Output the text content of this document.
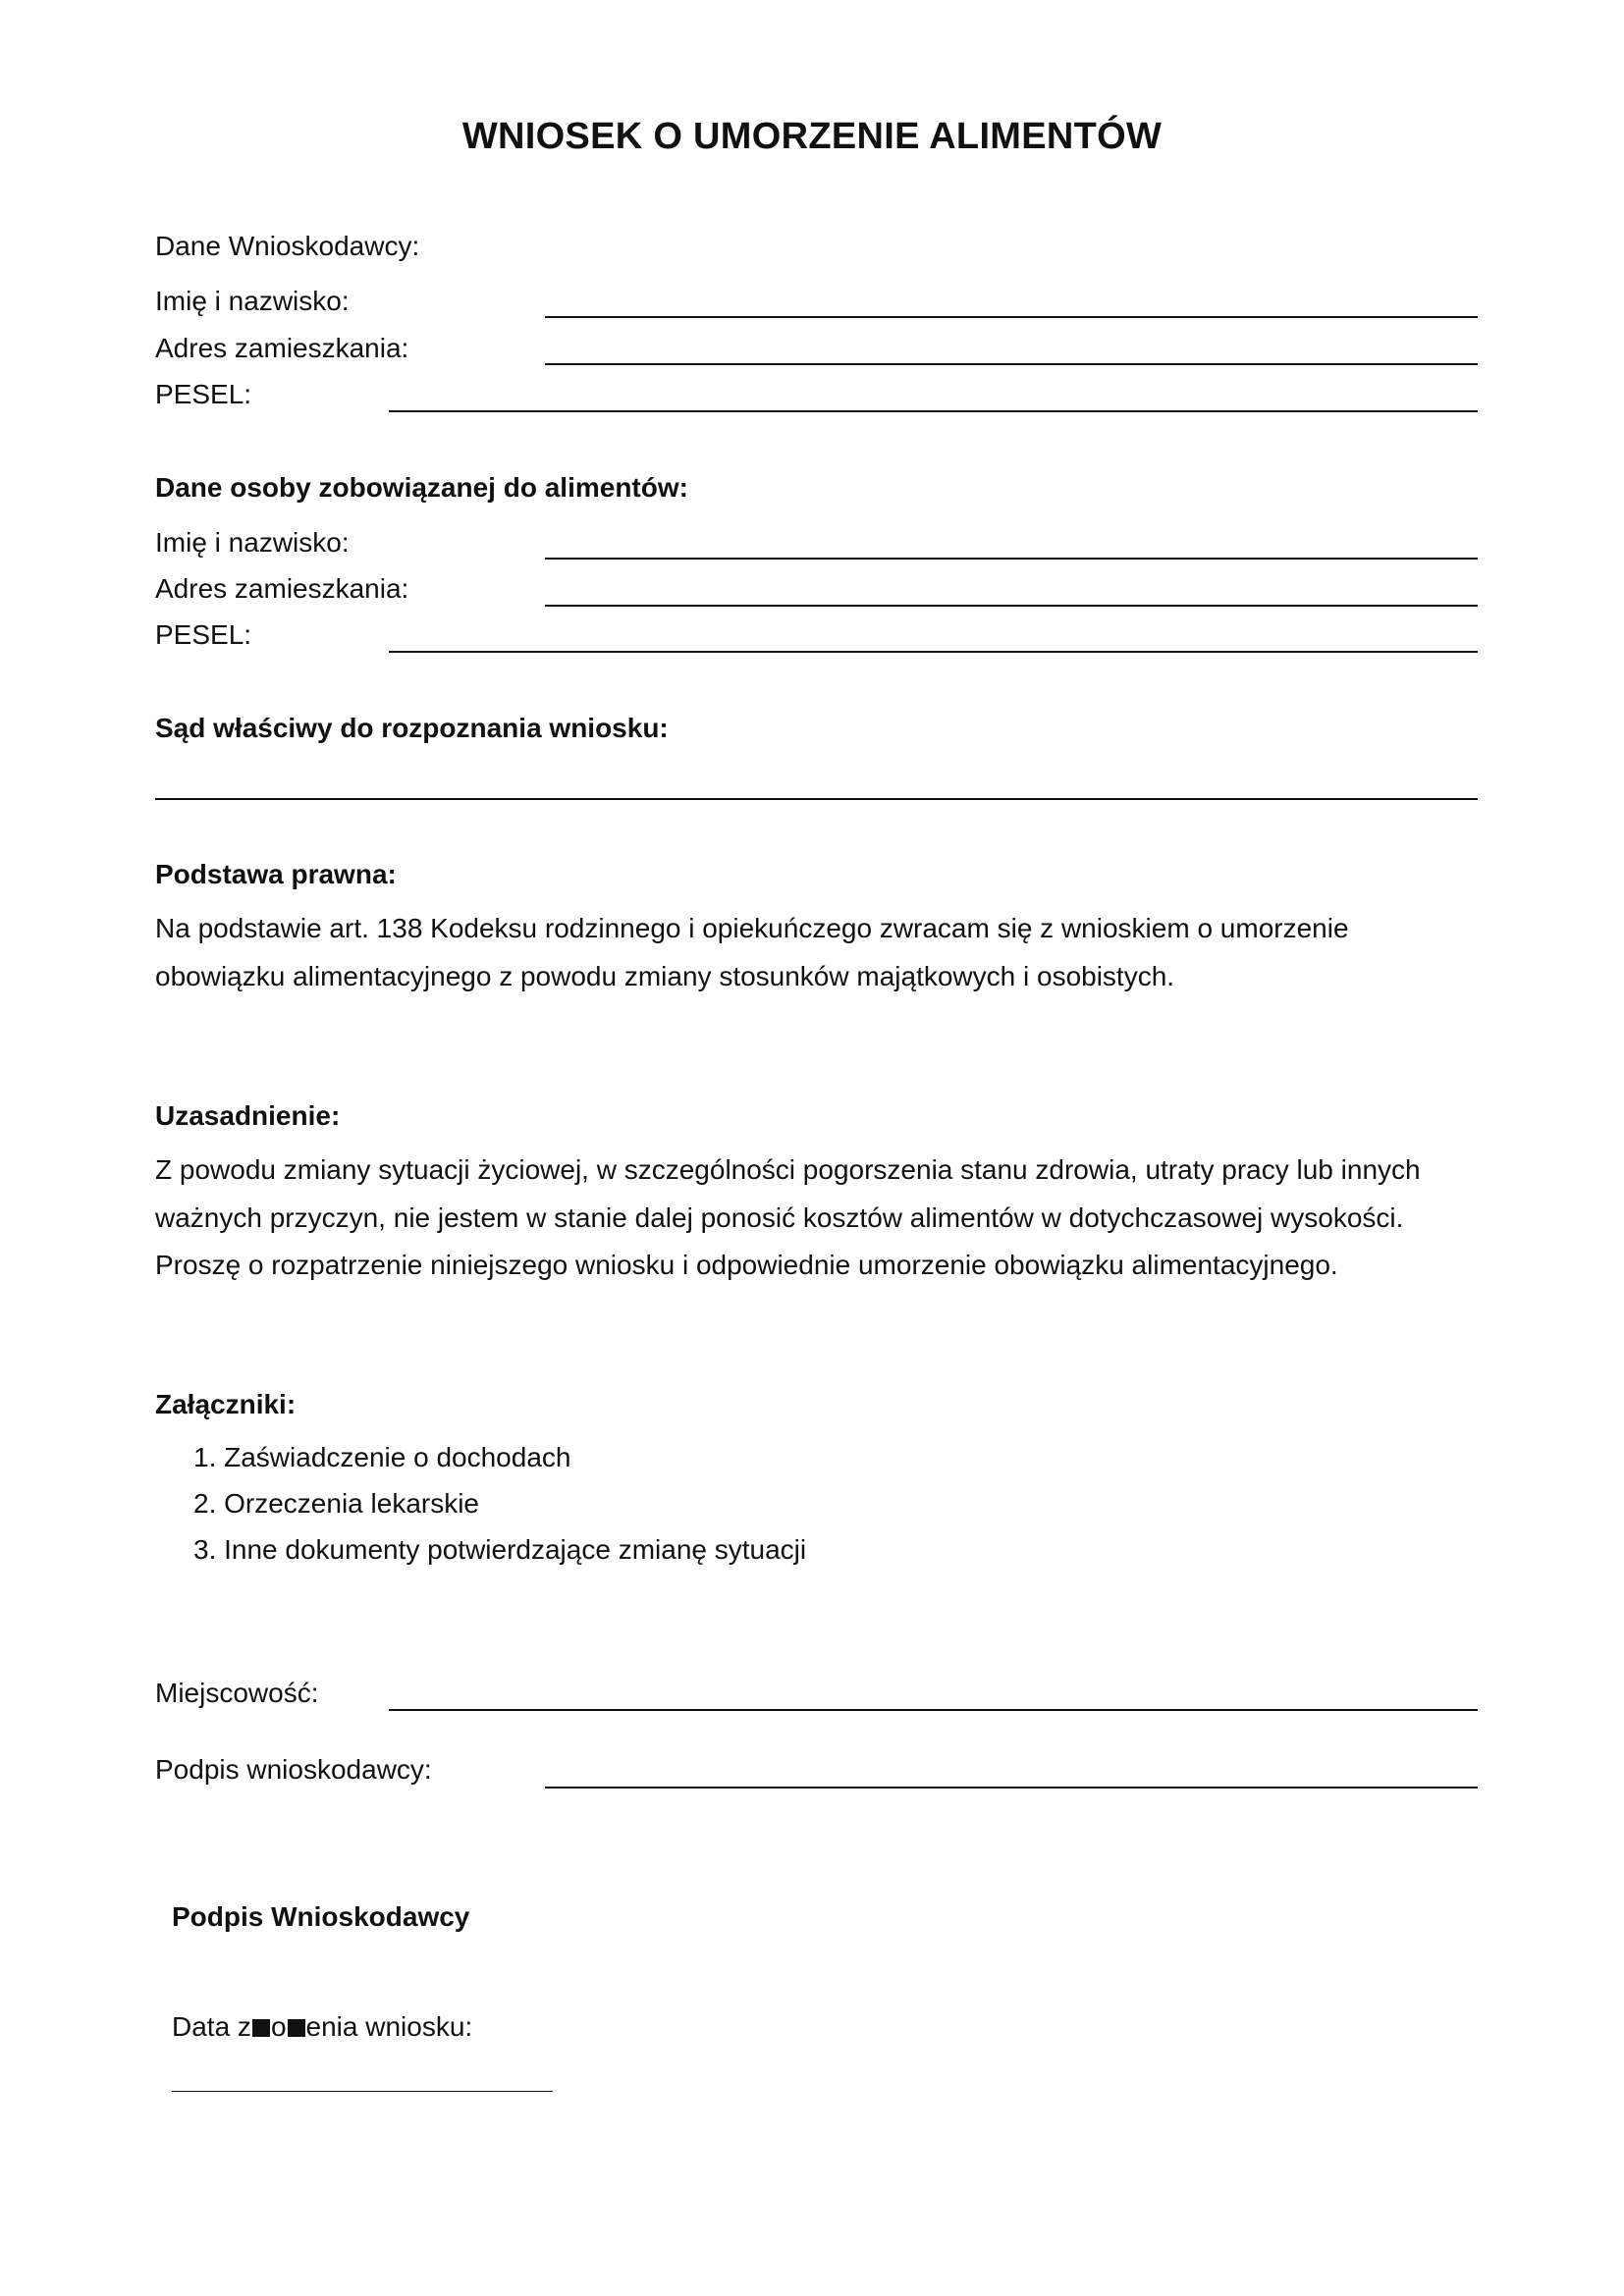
WNIOSEK O UMORZENIE ALIMENTÓW
Dane Wnioskodawcy:
Imię i nazwisko:
Adres zamieszkania:
PESEL:
Dane osoby zobowiązanej do alimentów:
Imię i nazwisko:
Adres zamieszkania:
PESEL:
Sąd właściwy do rozpoznania wniosku:
Podstawa prawna:

Na podstawie art. 138 Kodeksu rodzinnego i opiekuńczego zwracam się z wnioskiem o umorzenie

obowiązku alimentacyjnego z powodu zmiany stosunków majątkowych i osobistych.

Uzasadnienie:

Z powodu zmiany sytuacji życiowej, w szczególności pogorszenia stanu zdrowia, utraty pracy lub innych

ważnych przyczyn, nie jestem w stanie dalej ponosić kosztów alimentów w dotychczasowej wysokości.

Proszę o rozpatrzenie niniejszego wniosku i odpowiednie umorzenie obowiązku alimentacyjnego.

Załączniki:
1. Zaświadczenie o dochodach
2. Orzeczenia lekarskie
3. Inne dokumenty potwierdzające zmianę sytuacji
Miejscowość:
Podpis wnioskodawcy:
Podpis Wnioskodawcy
Data z o enia wniosku:
